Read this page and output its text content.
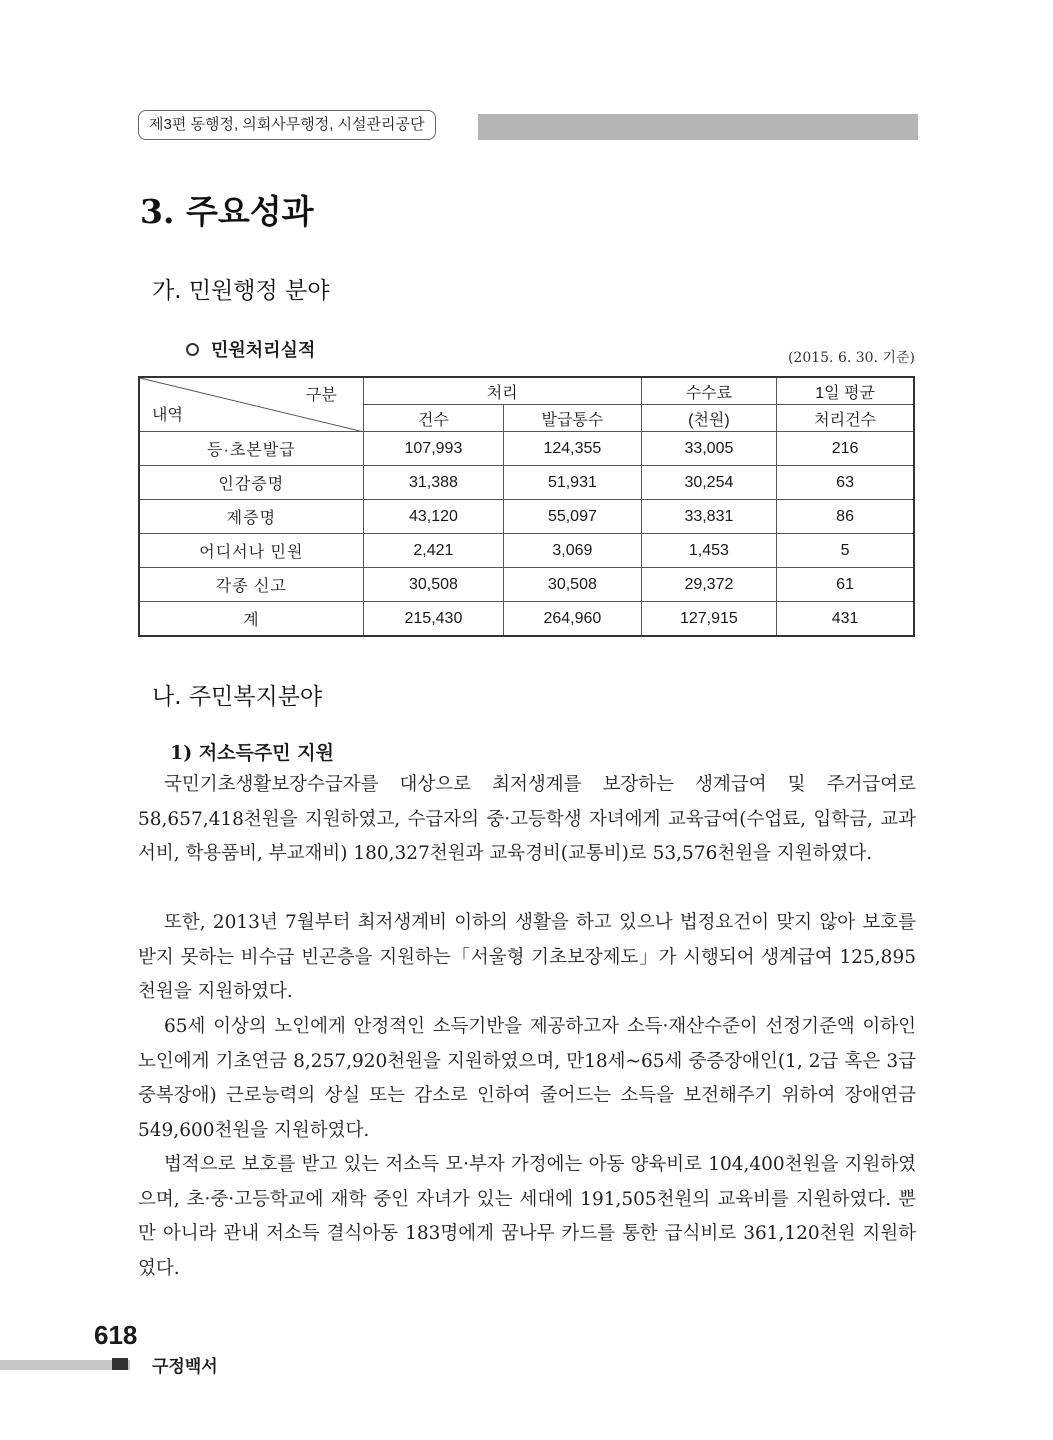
제3편 동행정, 의회사무행정, 시설관리공단
3. 주요성과
가. 민원행정 분야
민원처리실적	(2015. 6. 30. 기준)
구분
내역	처리		수수료	1일 평균
	건수	발급통수	(천원)	처리건수
등·초본발급	107,993	124,355	33,005	216
인감증명	31,388	51,931	30,254	63
제증명	43,120	55,097	33,831	86
어디서나 민원	2,421	3,069	1,453	5
각종 신고	30,508	30,508	29,372	61
계	215,430	264,960	127,915	431
나. 주민복지분야
1) 저소득주민 지원
국민기초생활보장수급자를 대상으로 최저생계를 보장하는 생계급여 및 주거급여로 58,657,418천원을 지원하였고, 수급자의 중·고등학생 자녀에게 교육급여(수업료, 입학금, 교과서비, 학용품비, 부교재비) 180,327천원과 교육경비(교통비)로 53,576천원을 지원하였다.
또한, 2013년 7월부터 최저생계비 이하의 생활을 하고 있으나 법정요건이 맞지 않아 보호를 받지 못하는 비수급 빈곤층을 지원하는「서울형 기초보장제도」가 시행되어 생계급여 125,895천원을 지원하였다.
65세 이상의 노인에게 안정적인 소득기반을 제공하고자 소득·재산수준이 선정기준액 이하인 노인에게 기초연금 8,257,920천원을 지원하였으며, 만18세~65세 중증장애인(1, 2급 혹은 3급 중복장애) 근로능력의 상실 또는 감소로 인하여 줄어드는 소득을 보전해주기 위하여 장애연금 549,600천원을 지원하였다.
법적으로 보호를 받고 있는 저소득 모·부자 가정에는 아동 양육비로 104,400천원을 지원하였으며, 초·중·고등학교에 재학 중인 자녀가 있는 세대에 191,505천원의 교육비를 지원하였다. 뿐만 아니라 관내 저소득 결식아동 183명에게 꿈나무 카드를 통한 급식비로 361,120천원 지원하였다.
618
구정백서
